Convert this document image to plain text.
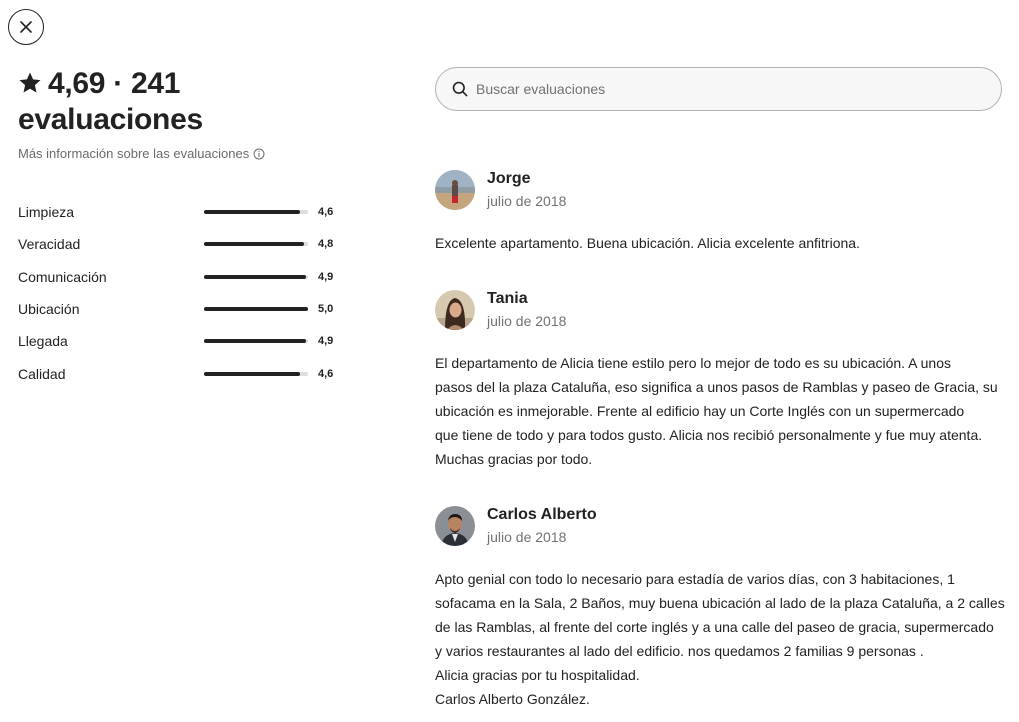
4,69 · 241
evaluaciones
Más información sobre las evaluaciones
Limpieza	4,6
Veracidad	4,8
Comunicación	4,9
Ubicación	5,0
Llegada	4,9
Calidad	4,6
Buscar evaluaciones
Jorge
julio de 2018
Excelente apartamento. Buena ubicación. Alicia excelente anfitriona.
Tania
julio de 2018
El departamento de Alicia tiene estilo pero lo mejor de todo es su ubicación. A unos
pasos del la plaza Cataluña, eso significa a unos pasos de Ramblas y paseo de Gracia, su
ubicación es inmejorable. Frente al edificio hay un Corte Inglés con un supermercado
que tiene de todo y para todos gusto. Alicia nos recibió personalmente y fue muy atenta.
Muchas gracias por todo.
Carlos Alberto
julio de 2018
Apto genial con todo lo necesario para estadía de varios días, con 3 habitaciones, 1
sofacama en la Sala, 2 Baños, muy buena ubicación al lado de la plaza Cataluña, a 2 calles
de las Ramblas, al frente del corte inglés y a una calle del paseo de gracia, supermercado
y varios restaurantes al lado del edificio. nos quedamos 2 familias 9 personas .
Alicia gracias por tu hospitalidad.
Carlos Alberto González.
